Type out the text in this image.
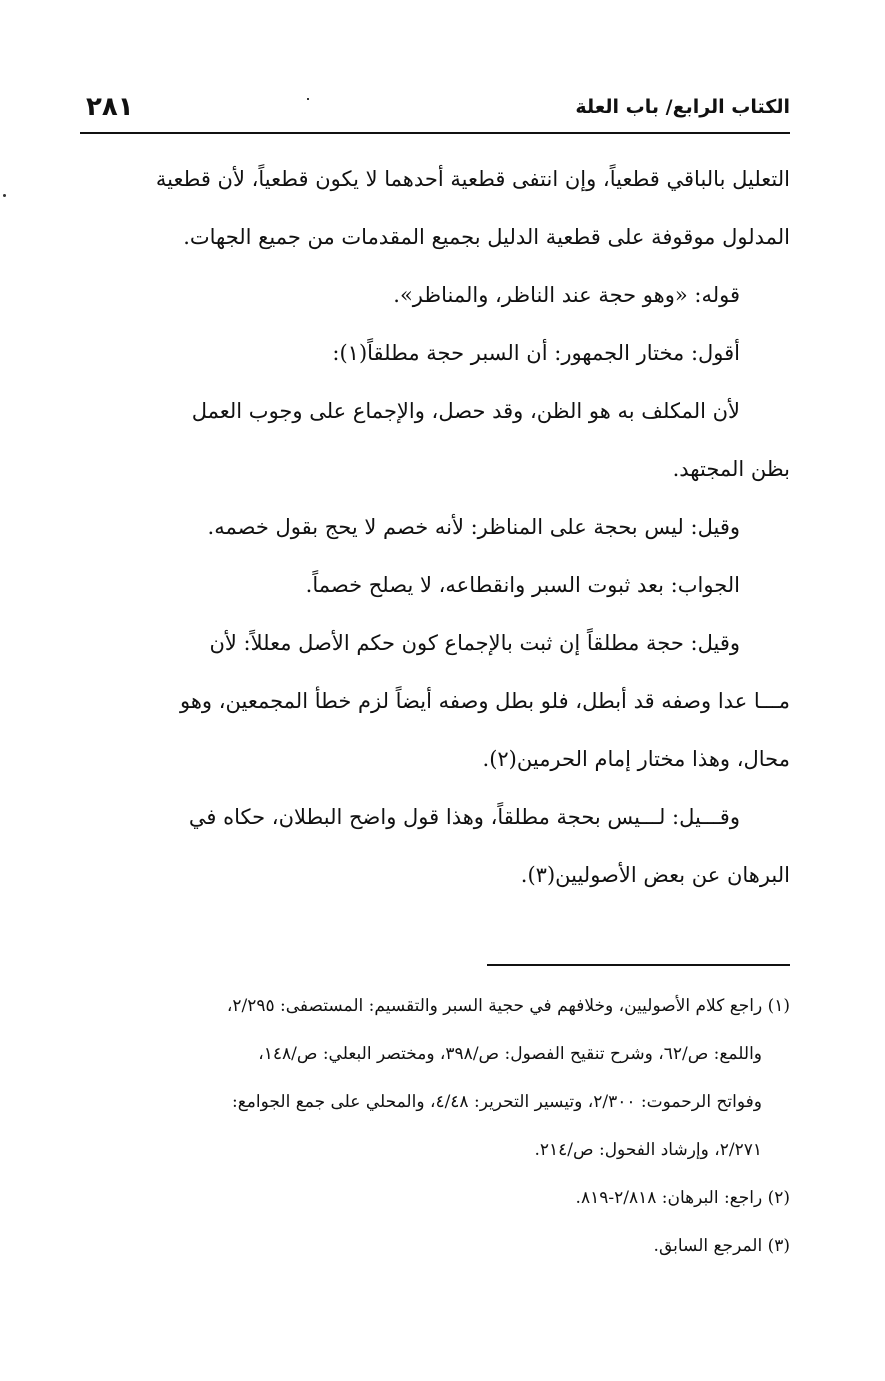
٢٨١	الكتاب الرابع/ باب العلة
التعليل بالباقي قطعياً، وإن انتفى قطعية أحدهما لا يكون قطعياً، لأن قطعية
المدلول موقوفة على قطعية الدليل بجميع المقدمات من جميع الجهات.
قوله: «وهو حجة عند الناظر، والمناظر».
أقول: مختار الجمهور: أن السبر حجة مطلقاً(١):
لأن المكلف به هو الظن، وقد حصل، والإجماع على وجوب العمل
بظن المجتهد.
وقيل: ليس بحجة على المناظر: لأنه خصم لا يحج بقول خصمه.
الجواب: بعد ثبوت السبر وانقطاعه، لا يصلح خصماً.
وقيل: حجة مطلقاً إن ثبت بالإجماع كون حكم الأصل معللاً: لأن
مـــا عدا وصفه قد أبطل، فلو بطل وصفه أيضاً لزم خطأ المجمعين، وهو
محال، وهذا مختار إمام الحرمين(٢).
وقـــيل: لـــيس بحجة مطلقاً، وهذا قول واضح البطلان، حكاه في
البرهان عن بعض الأصوليين(٣).
(١) راجع كلام الأصوليين، وخلافهم في حجية السبر والتقسيم: المستصفى: ٢/٢٩٥،
واللمع: ص/٦٢، وشرح تنقيح الفصول: ص/٣٩٨، ومختصر البعلي: ص/١٤٨،
وفواتح الرحموت: ٢/٣٠٠، وتيسير التحرير: ٤/٤٨، والمحلي على جمع الجوامع:
٢/٢٧١، وإرشاد الفحول: ص/٢١٤.
(٢) راجع: البرهان: ٢/٨١٨-٨١٩.
(٣) المرجع السابق.
